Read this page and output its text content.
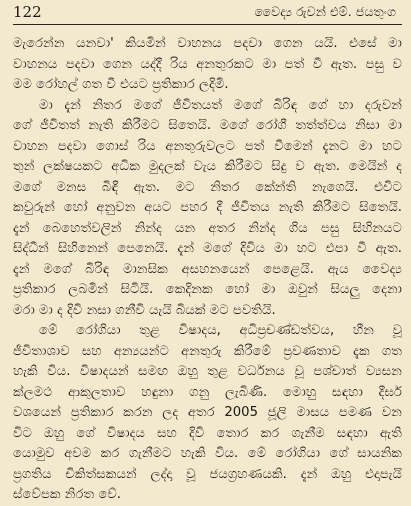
122	වෛද්‍ය රුවන් එම්. ජයතුංග
මැරෙන්න යනවා' කියමින් වාහනය පදවා ගෙන යයි. එසේ මා
වාහනය පදවා ගෙන යද්දී රිය අනතුරකට මා පත් වී ඇත. පසු ව
මම රෝහල් ගත වී එයට ප්‍රතිකාර ලදිමි.
මා දැන් නිතර මගේ ජීවිතයත් මගේ බිරිඳ ගේ හා දරුවන්
ගේ ජීවිතත් නැති කිරීමට සිතෙයි. මගේ රෝගී තත්ත්වය නිසා මා
වාහන පදවා ගොස් රිය අනතුරුවලට පත් වීමෙන් දැනට මා හට
තුන් ලක්ෂයකට අධික මුදලක් වැය කිරීමට සිදු ව ඇත. මෙයින් ද
මගේ මනස බිඳී ඇත. මට නිතර කේන්ති නැගෙයි. එවිට
කවුරුන් හෝ අනුවන අයට පහර දී ජීවිතය නැති කිරීමට සිතෙයි.
දැන් බෙහෙත්වලින් නින්ද යන අතර නින්ද ගිය පසු සිහිනයට
සිද්ධීන් සිහිනෙන් පෙනෙයි. දැන් මගේ දිවිය මා හට එපා වී ඇත.
දැන් මගේ බිරිඳ මානසික අසහනයෙන් පෙළෙයි. ඇය වෛද්‍ය
ප්‍රතිකාර ලබමින් සිටියි. කෙදිනක හෝ මා ඔවුන් සියලු දෙනා
මරා මා ද දිවි නසා ගනීවි යැයි බියක් මට පවතියි.
මේ රෝගියා තුළ විෂාදය, අධිප්‍රචණ්ඩත්වය, හීන වූ
ජීවිතාශාව සහ අන්‍යයන්ට අනතුරු කිරීමේ ප්‍රවණතාව දැක ගත
හැකි විය. විෂාදයන් සමඟ ඔහු තුළ වර්ධනය වූ පශ්චාත් ව්‍යසන
ක්ලමථ ආකුලතාව හඳුනා ගනු ලැබිණි. මොහු සඳහා දීර්ඝ
වශයෙන් ප්‍රතිකාර කරන ලද අතර 2005 ජූලි මාසය පමණ වන
විට ඔහු ගේ විෂාදය සහ දිවි තොර කර ගැනීම සඳහා ඇති
යොමුව අවම කර ගැනීමට හැකි විය. මේ රෝගියා ගේ සායනික
ප්‍රගතිය චිකිත්සකයන් ලද්දා වූ ජයග්‍රහණයකි. දැන් ඔහු එදාපැයි
ස්වේපක නිරත වේ.
